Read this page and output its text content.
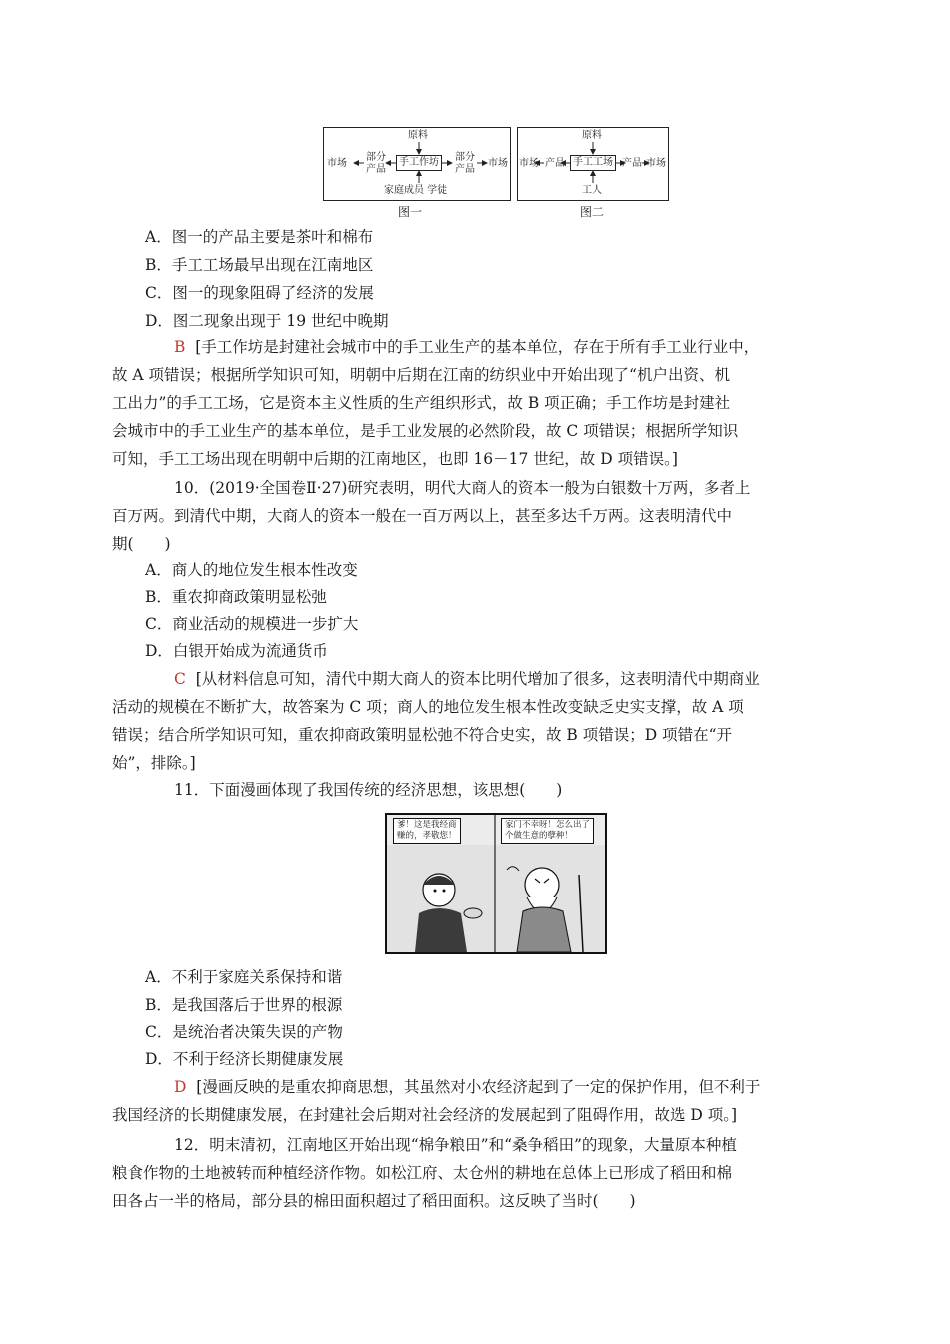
原料
市场
部分
产品
手工作坊	部分
产品
市场
家庭成员 学徒
图一
原料
市场 产品 手工工场 产品 市场
工人
图二
A．图一的产品主要是茶叶和棉布
B．手工工场最早出现在江南地区
C．图一的现象阻碍了经济的发展
D．图二现象出现于 19 世纪中晚期

B [手工作坊是封建社会城市中的手工业生产的基本单位，存在于所有手工业行业中，

故 A 项错误；根据所学知识可知，明朝中后期在江南的纺织业中开始出现了“机户出资、机

工出力”的手工工场，它是资本主义性质的生产组织形式，故 B 项正确；手工作坊是封建社

会城市中的手工业生产的基本单位，是手工业发展的必然阶段，故 C 项错误；根据所学知识

可知，手工工场出现在明朝中后期的江南地区，也即 16－17 世纪，故 D 项错误。]

10．(2019·全国卷Ⅱ·27)研究表明，明代大商人的资本一般为白银数十万两，多者上

百万两。到清代中期，大商人的资本一般在一百万两以上，甚至多达千万两。这表明清代中

期(　　)

A．商人的地位发生根本性改变
B．重农抑商政策明显松弛
C．商业活动的规模进一步扩大
D．白银开始成为流通货币

C [从材料信息可知，清代中期大商人的资本比明代增加了很多，这表明清代中期商业

活动的规模在不断扩大，故答案为 C 项；商人的地位发生根本性改变缺乏史实支撑，故 A 项

错误；结合所学知识可知，重农抑商政策明显松弛不符合史实，故 B 项错误；D 项错在“开

始”，排除。]

11．下面漫画体现了我国传统的经济思想，该思想(　　)
爹！这是我经商
赚的，孝敬您！
家门不幸呀！怎么出了
个做生意的孽种！
A．不利于家庭关系保持和谐
B．是我国落后于世界的根源
C．是统治者决策失误的产物
D．不利于经济长期健康发展

D [漫画反映的是重农抑商思想，其虽然对小农经济起到了一定的保护作用，但不利于

我国经济的长期健康发展，在封建社会后期对社会经济的发展起到了阻碍作用，故选 D 项。]

12．明末清初，江南地区开始出现“棉争粮田”和“桑争稻田”的现象，大量原本种植

粮食作物的土地被转而种植经济作物。如松江府、太仓州的耕地在总体上已形成了稻田和棉

田各占一半的格局，部分县的棉田面积超过了稻田面积。这反映了当时(　　)
